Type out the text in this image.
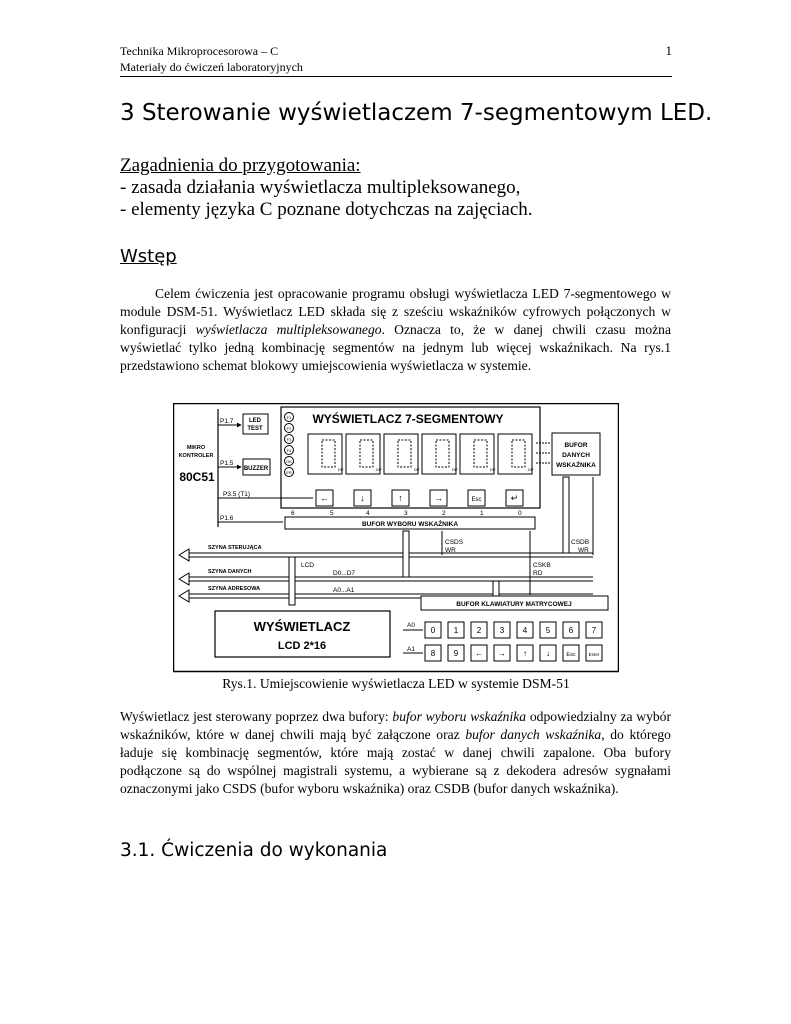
Technika Mikroprocesorowa – C
Materiały do ćwiczeń laboratoryjnych
1
3 Sterowanie wyświetlaczem 7-segmentowym LED.
Zagadnienia do przygotowania:
- zasada działania wyświetlacza multipleksowanego,
- elementy języka C poznane dotychczas na zajęciach.
Wstęp

Celem ćwiczenia jest opracowanie programu obsługi wyświetlacza LED 7-segmentowego w module DSM-51. Wyświetlacz LED składa się z sześciu wskaźników cyfrowych połączonych w konfiguracji wyświetlacza multipleksowanego. Oznacza to, że w danej chwili czasu można wyświetlać tylko jedną kombinację segmentów na jednym lub więcej wskaźnikach. Na rys.1 przedstawiono schemat blokowy umiejscowienia wyświetlacza w systemie.

WYŚWIETLACZ 7-SEGMENTOWY
MIKRO
KONTROLER
80C51
P1.7	LED
TEST
P1.5
BUZZER
F1
F2
F3
F4
OK
ER
DP	DP	DP	DP	DP	DP
BUFOR
DANYCH
WSKAŹNIKA
P3.5 (T1)	←	↓	↑	→	Esc	↵
6	5	4	3	2	1	0
P1.6
BUFOR WYBORU WSKAŹNIKA
CSDS
WR
CSDB
WR
CSKB
RD
SZYNA STERUJĄCA
LCD
SZYNA DANYCH	D0...D7
SZYNA ADRESOWA	A0...A1
WYŚWIETLACZ
LCD 2*16
BUFOR KLAWIATURY MATRYCOWEJ
A0
A1
0 1 2 3 4 5 6 7
8 9 ← → ↑ ↓	Esc	Enter
Rys.1. Umiejscowienie wyświetlacza LED w systemie DSM-51

Wyświetlacz jest sterowany poprzez dwa bufory: bufor wyboru wskaźnika odpowiedzialny za wybór wskaźników, które w danej chwili mają być załączone oraz bufor danych wskaźnika, do którego ładuje się kombinację segmentów, które mają zostać w danej chwili zapalone. Oba bufory podłączone są do wspólnej magistrali systemu, a wybierane są z dekodera adresów sygnałami oznaczonymi jako CSDS (bufor wyboru wskaźnika) oraz CSDB (bufor danych wskaźnika).

3.1. Ćwiczenia do wykonania
